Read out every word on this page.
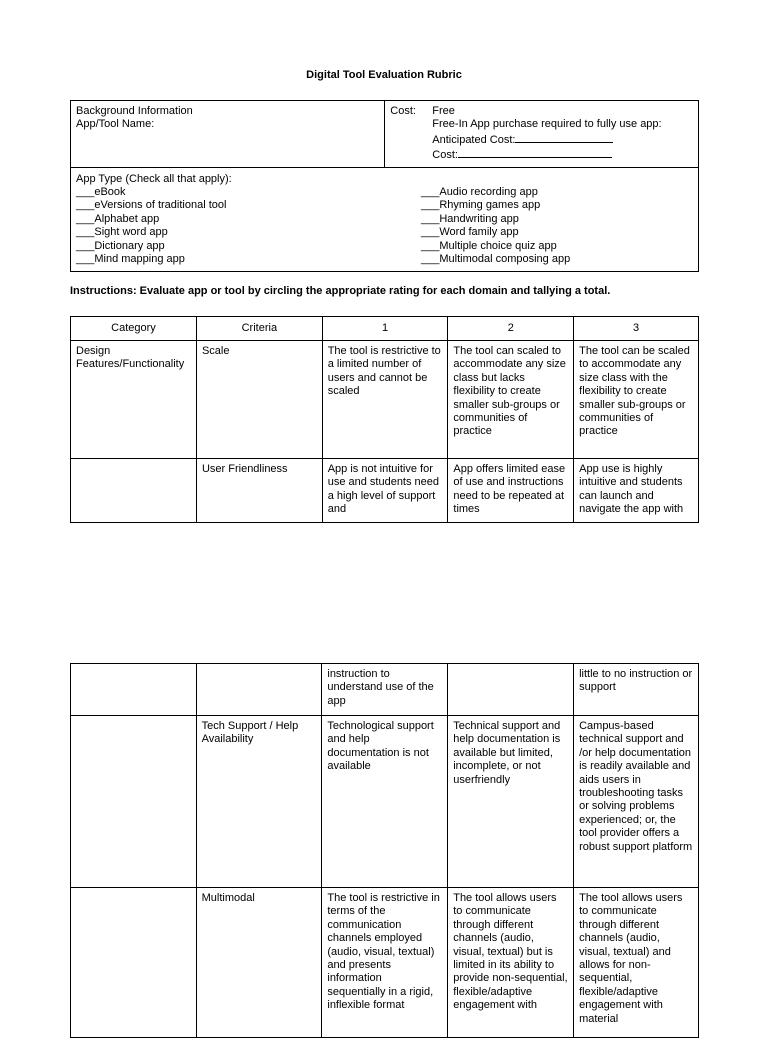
Digital Tool Evaluation Rubric
Background Information
App/Tool Name:

Cost: Free
Free-In App purchase required to fully use app:
Anticipated Cost:
Cost:

App Type (Check all that apply):
___eBook
___eVersions of traditional tool
___Alphabet app
___Sight word app
___Dictionary app
___Mind mapping app
___Audio recording app
___Rhyming games app
___Handwriting app
___Word family app
___Multiple choice quiz app
___Multimodal composing app
Instructions: Evaluate app or tool by circling the appropriate rating for each domain and tallying a total.
Category	Criteria	1	2	3
Design Features/Functionality	Scale	The tool is restrictive to a limited number of users and cannot be scaled	The tool can scaled to accommodate any size class but lacks flexibility to create smaller sub-groups or communities of practice	The tool can be scaled to accommodate any size class with the flexibility to create smaller sub-groups or communities of practice
	User Friendliness	App is not intuitive for use and students need a high level of support and	App offers limited ease of use and instructions need to be repeated at times	App use is highly intuitive and students can launch and navigate the app with
		instruction to understand use of the app		little to no instruction or support
	Tech Support / Help Availability	Technological support and help documentation is not available	Technical support and help documentation is available but limited, incomplete, or not userfriendly	Campus-based technical support and /or help documentation is readily available and aids users in troubleshooting tasks or solving problems experienced; or, the tool provider offers a robust support platform
	Multimodal	The tool is restrictive in terms of the communication channels employed (audio, visual, textual) and presents information sequentially in a rigid, inflexible format	The tool allows users to communicate through different channels (audio, visual, textual) but is limited in its ability to provide non-sequential, flexible/adaptive engagement with	The tool allows users to communicate through different channels (audio, visual, textual) and allows for non-sequential, flexible/adaptive engagement with material
